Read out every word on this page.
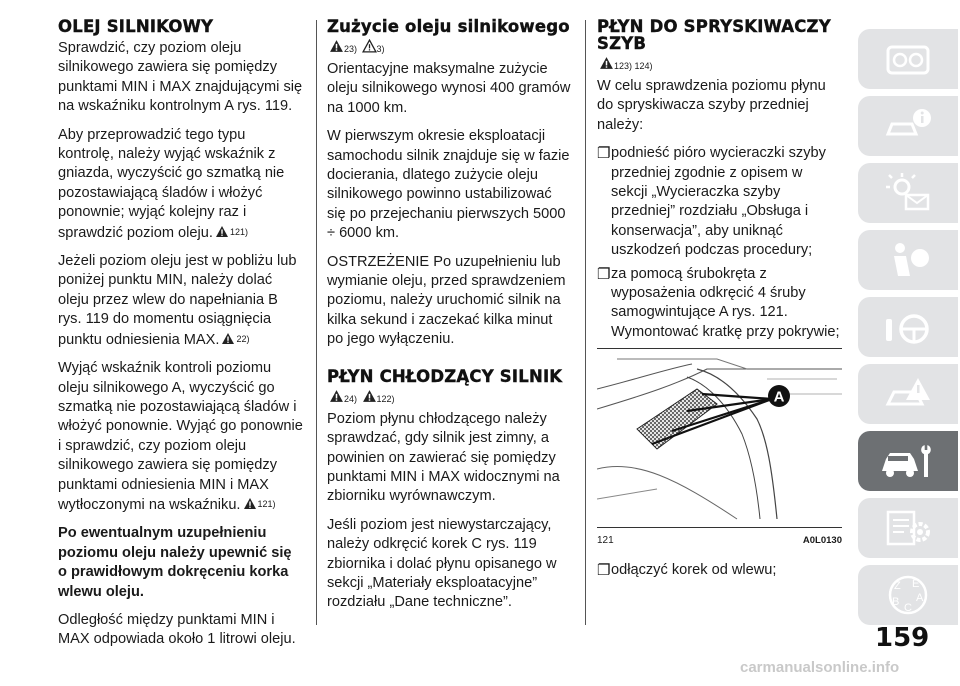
OLEJ SILNIKOWY

Sprawdzić, czy poziom oleju silnikowego zawiera się pomiędzy punktami MIN i MAX znajdującymi się na wskaźniku kontrolnym A rys. 119.

Aby przeprowadzić tego typu kontrolę, należy wyjąć wskaźnik z gniazda, wyczyścić go szmatką nie pozostawiającą śladów i włożyć ponownie; wyjąć kolejny raz i sprawdzić poziom oleju. 121)

Jeżeli poziom oleju jest w pobliżu lub poniżej punktu MIN, należy dolać oleju przez wlew do napełniania B rys. 119 do momentu osiągnięcia punktu odniesienia MAX. 22)

Wyjąć wskaźnik kontroli poziomu oleju silnikowego A, wyczyścić go szmatką nie pozostawiającą śladów i włożyć ponownie. Wyjąć go ponownie i sprawdzić, czy poziom oleju silnikowego zawiera się pomiędzy punktami odniesienia MIN i MAX wytłoczonymi na wskaźniku. 121)

Po ewentualnym uzupełnieniu poziomu oleju należy upewnić się o prawidłowym dokręceniu korka wlewu oleju.

Odległość między punktami MIN i MAX odpowiada około 1 litrowi oleju.

Zużycie oleju silnikowego
23) 3)

Orientacyjne maksymalne zużycie oleju silnikowego wynosi 400 gramów na 1000 km.

W pierwszym okresie eksploatacji samochodu silnik znajduje się w fazie docierania, dlatego zużycie oleju silnikowego powinno ustabilizować się po przejechaniu pierwszych 5000 ÷ 6000 km.

OSTRZEŻENIE Po uzupełnieniu lub wymianie oleju, przed sprawdzeniem poziomu, należy uruchomić silnik na kilka sekund i zaczekać kilka minut po jego wyłączeniu.

PŁYN CHŁODZĄCY SILNIK
24) 122)

Poziom płynu chłodzącego należy sprawdzać, gdy silnik jest zimny, a powinien on zawierać się pomiędzy punktami MIN i MAX widocznymi na zbiorniku wyrównawczym.

Jeśli poziom jest niewystarczający, należy odkręcić korek C rys. 119 zbiornika i dolać płynu opisanego w sekcji „Materiały eksploatacyjne” rozdziału „Dane techniczne”.

PŁYN DO SPRYSKIWACZY SZYB
123) 124)

W celu sprawdzenia poziomu płynu do spryskiwacza szyby przedniej należy:

❐ podnieść pióro wycieraczki szyby przedniej zgodnie z opisem w sekcji „Wycieraczka szyby przedniej” rozdziału „Obsługa i konserwacja”, aby uniknąć uszkodzeń podczas procedury;
❐ za pomocą śrubokręta z wyposażenia odkręcić 4 śruby samogwintujące A rys. 121. Wymontować kratkę przy pokrywie;
A
121	A0L0130
❐ odłączyć korek od wlewu;
Z E
A
B C
159
carmanualsonline.info
